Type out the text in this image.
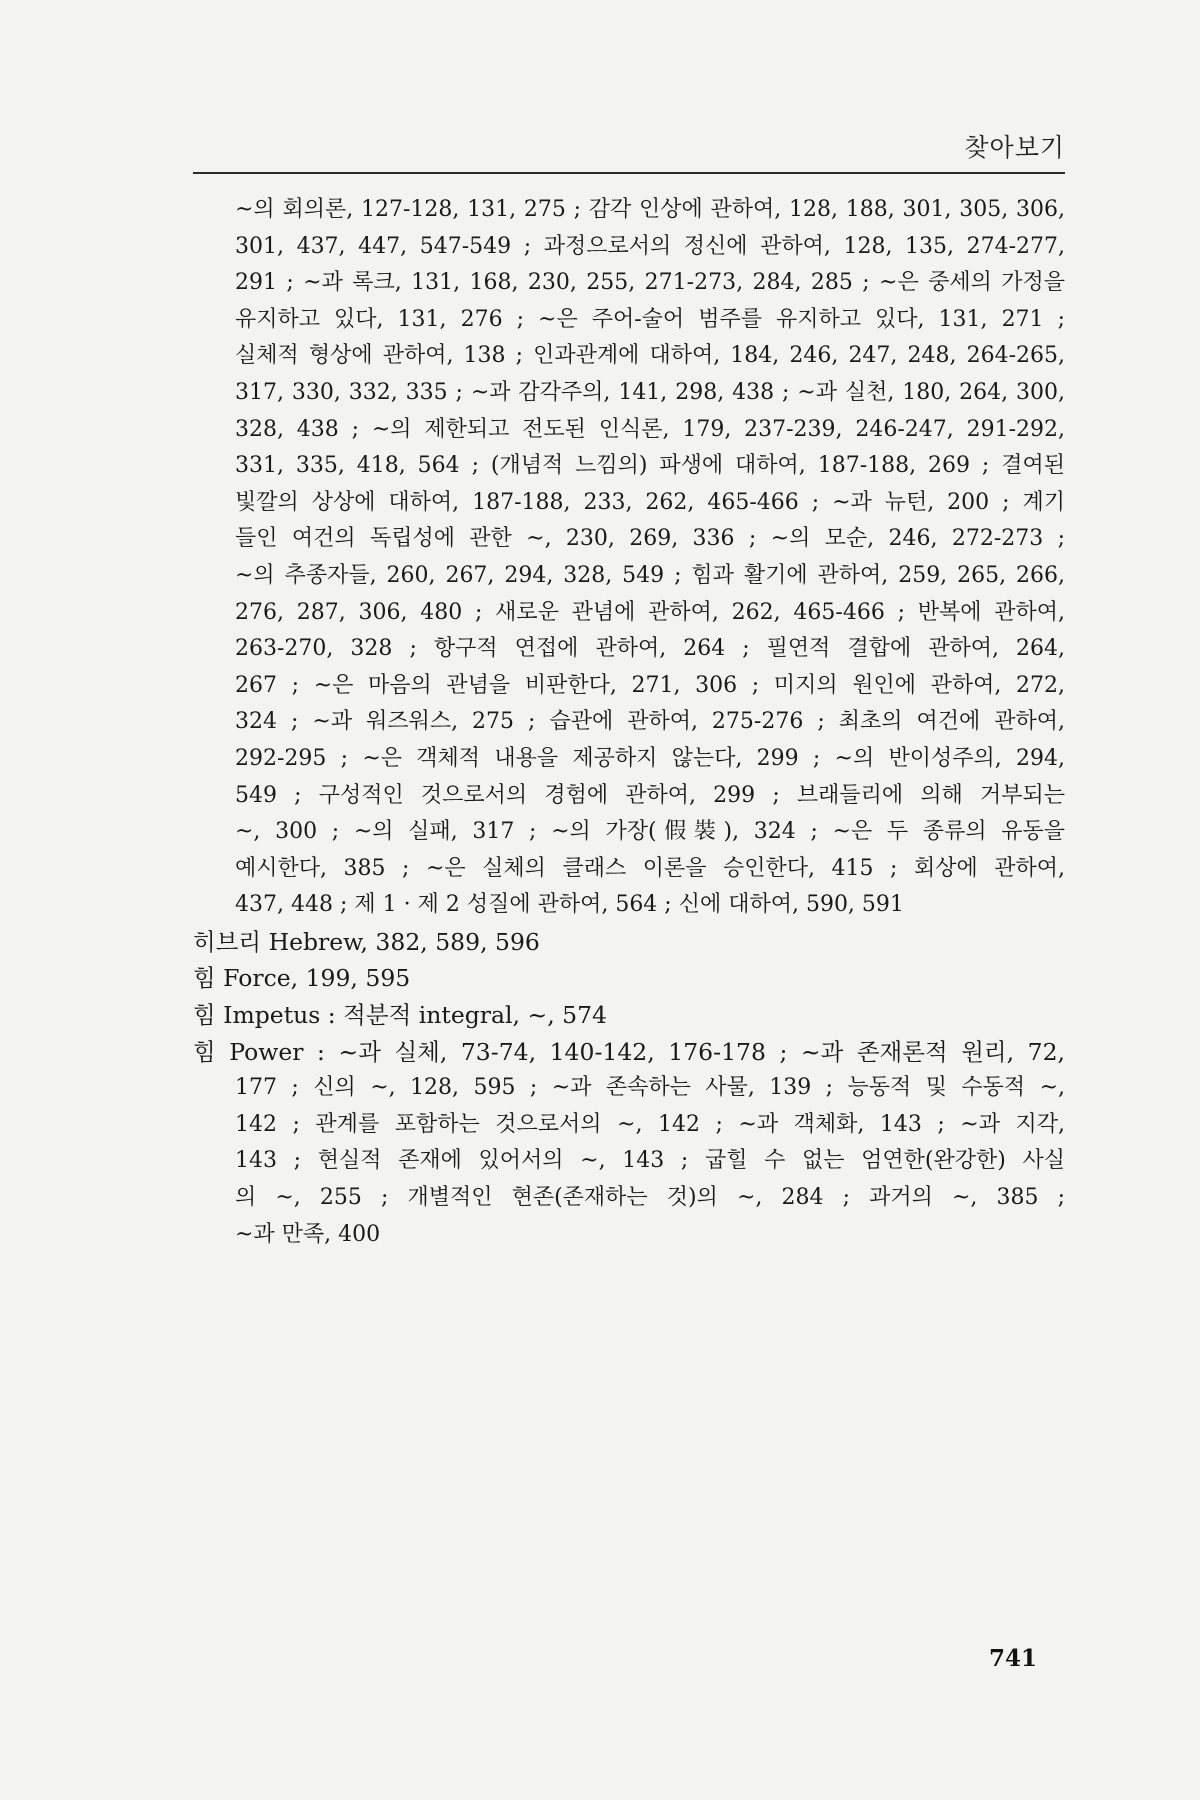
찾아보기
~의 회의론, 127-128, 131, 275 ; 감각 인상에 관하여, 128, 188, 301, 305, 306,
301, 437, 447, 547-549 ; 과정으로서의 정신에 관하여, 128, 135, 274-277,
291 ; ~과 록크, 131, 168, 230, 255, 271-273, 284, 285 ; ~은 중세의 가정을
유지하고 있다, 131, 276 ; ~은 주어-술어 범주를 유지하고 있다, 131, 271 ;
실체적 형상에 관하여, 138 ; 인과관계에 대하여, 184, 246, 247, 248, 264-265,
317, 330, 332, 335 ; ~과 감각주의, 141, 298, 438 ; ~과 실천, 180, 264, 300,
328, 438 ; ~의 제한되고 전도된 인식론, 179, 237-239, 246-247, 291-292,
331, 335, 418, 564 ; (개념적 느낌의) 파생에 대하여, 187-188, 269 ; 결여된
빛깔의 상상에 대하여, 187-188, 233, 262, 465-466 ; ~과 뉴턴, 200 ; 계기
들인 여건의 독립성에 관한 ~, 230, 269, 336 ; ~의 모순, 246, 272-273 ;
~의 추종자들, 260, 267, 294, 328, 549 ; 힘과 활기에 관하여, 259, 265, 266,
276, 287, 306, 480 ; 새로운 관념에 관하여, 262, 465-466 ; 반복에 관하여,
263-270, 328 ; 항구적 연접에 관하여, 264 ; 필연적 결합에 관하여, 264,
267 ; ~은 마음의 관념을 비판한다, 271, 306 ; 미지의 원인에 관하여, 272,
324 ; ~과 워즈워스, 275 ; 습관에 관하여, 275-276 ; 최초의 여건에 관하여,
292-295 ; ~은 객체적 내용을 제공하지 않는다, 299 ; ~의 반이성주의, 294,
549 ; 구성적인 것으로서의 경험에 관하여, 299 ; 브래들리에 의해 거부되는
~, 300 ; ~의 실패, 317 ; ~의 가장(假裝), 324 ; ~은 두 종류의 유동을
예시한다, 385 ; ~은 실체의 클래스 이론을 승인한다, 415 ; 회상에 관하여,
437, 448 ; 제 1 · 제 2 성질에 관하여, 564 ; 신에 대하여, 590, 591
히브리 Hebrew, 382, 589, 596
힘 Force, 199, 595
힘 Impetus : 적분적 integral, ~, 574
힘 Power : ~과 실체, 73-74, 140-142, 176-178 ; ~과 존재론적 원리, 72,
177 ; 신의 ~, 128, 595 ; ~과 존속하는 사물, 139 ; 능동적 및 수동적 ~,
142 ; 관계를 포함하는 것으로서의 ~, 142 ; ~과 객체화, 143 ; ~과 지각,
143 ; 현실적 존재에 있어서의 ~, 143 ; 굽힐 수 없는 엄연한(완강한) 사실
의 ~, 255 ; 개별적인 현존(존재하는 것)의 ~, 284 ; 과거의 ~, 385 ;
~과 만족, 400
741
